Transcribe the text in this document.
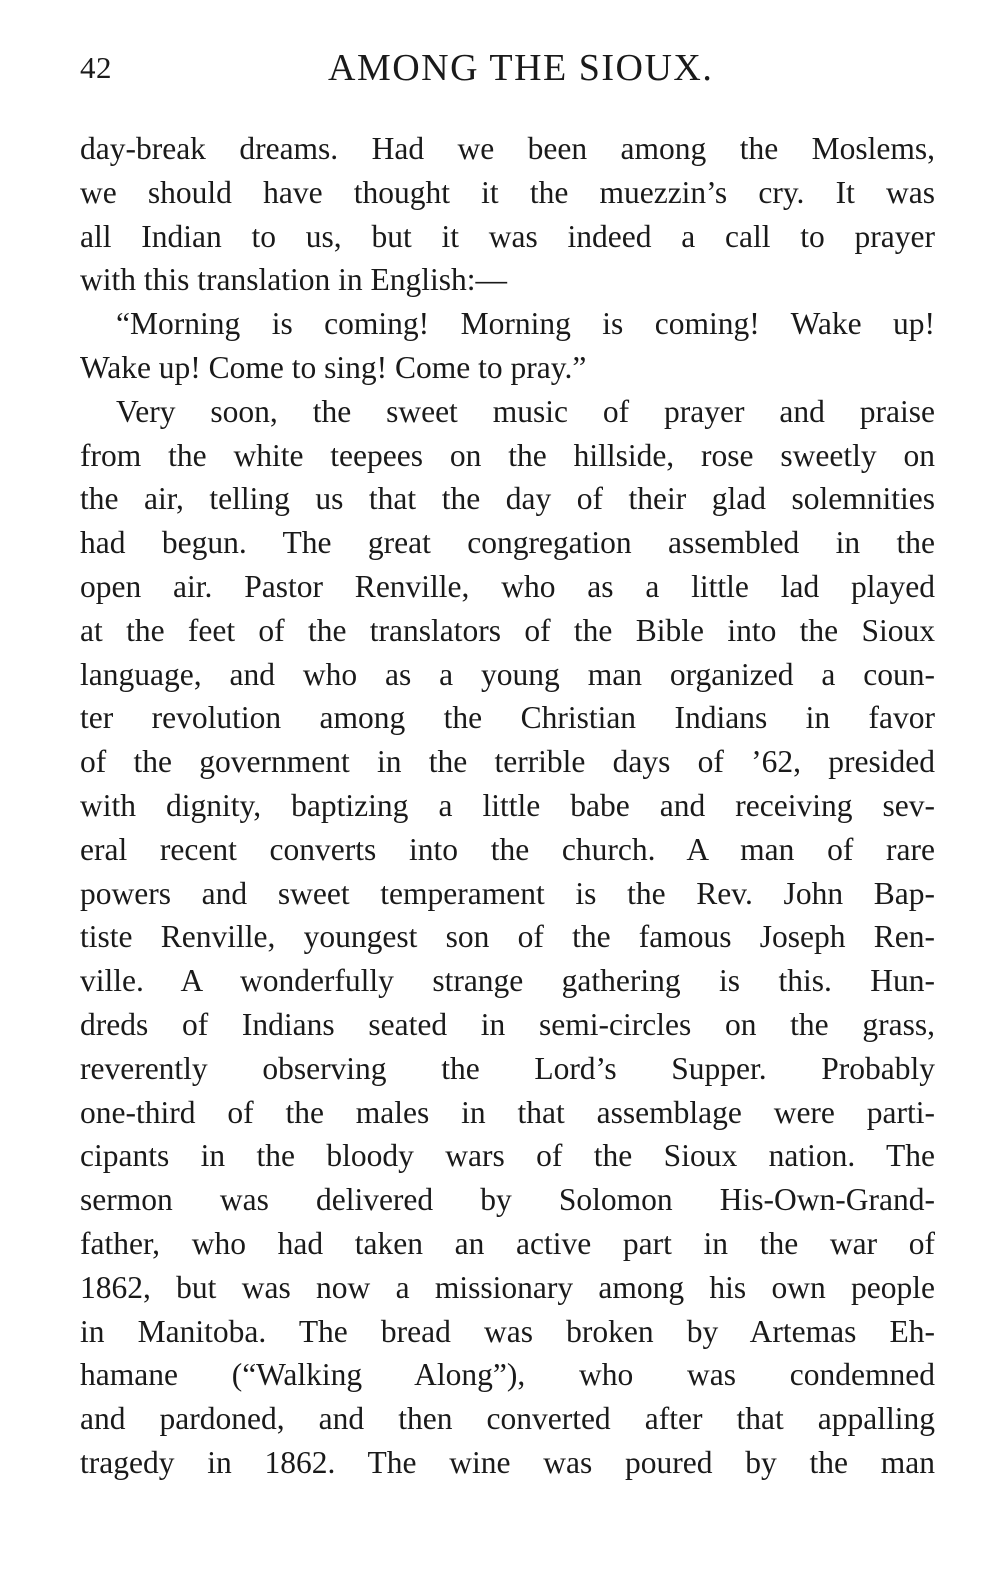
42	AMONG THE SIOUX.
day-break dreams. Had we been among the Moslems,
we should have thought it the muezzin’s cry. It was
all Indian to us, but it was indeed a call to prayer
with this translation in English:—
“Morning is coming! Morning is coming! Wake up!
Wake up! Come to sing! Come to pray.”
Very soon, the sweet music of prayer and praise
from the white teepees on the hillside, rose sweetly on
the air, telling us that the day of their glad solemnities
had begun. The great congregation assembled in the
open air. Pastor Renville, who as a little lad played
at the feet of the translators of the Bible into the Sioux
language, and who as a young man organized a coun-
ter revolution among the Christian Indians in favor
of the government in the terrible days of ’62, presided
with dignity, baptizing a little babe and receiving sev-
eral recent converts into the church. A man of rare
powers and sweet temperament is the Rev. John Bap-
tiste Renville, youngest son of the famous Joseph Ren-
ville. A wonderfully strange gathering is this. Hun-
dreds of Indians seated in semi-circles on the grass,
reverently observing the Lord’s Supper. Probably
one-third of the males in that assemblage were parti-
cipants in the bloody wars of the Sioux nation. The
sermon was delivered by Solomon His-Own-Grand-
father, who had taken an active part in the war of
1862, but was now a missionary among his own people
in Manitoba. The bread was broken by Artemas Eh-
hamane (“Walking Along”), who was condemned
and pardoned, and then converted after that appalling
tragedy in 1862. The wine was poured by the man
